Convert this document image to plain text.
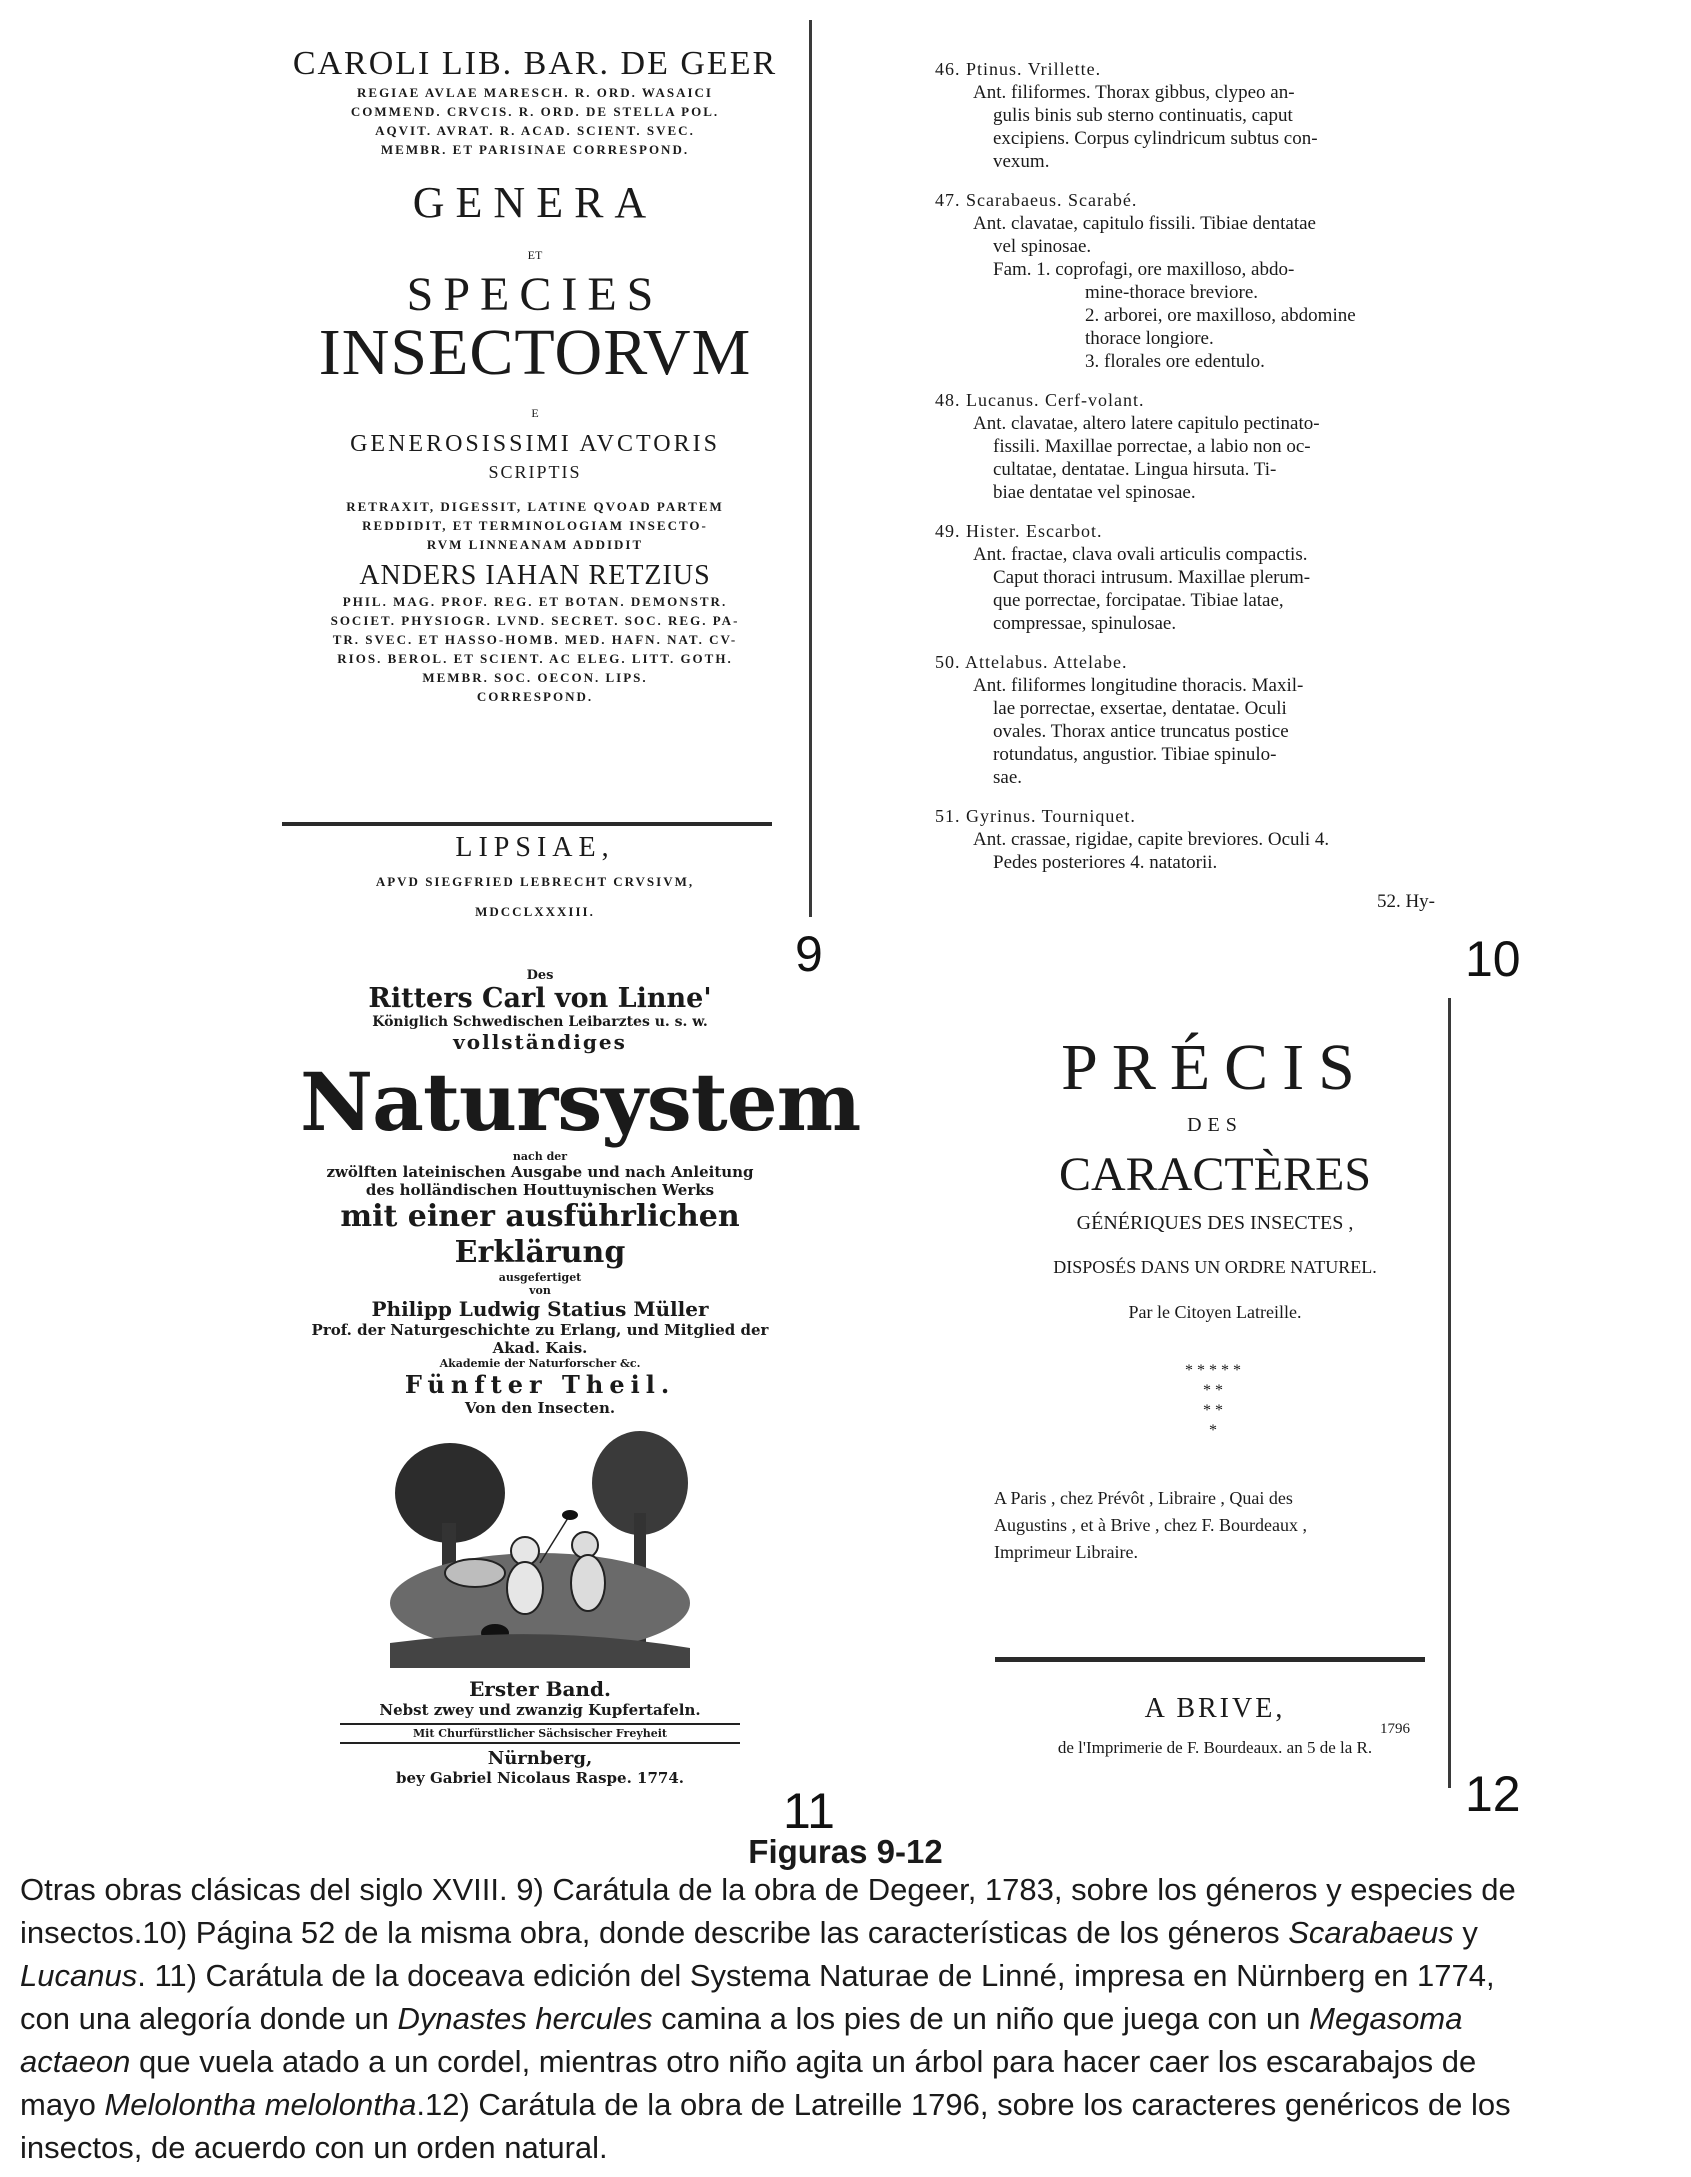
CAROLI LIB. BAR. DE GEER
REGIAE AVLAE MARESCH. R. ORD. WASAICI
COMMEND. CRVCIS. R. ORD. DE STELLA POL.
AQVIT. AVRAT. R. ACAD. SCIENT. SVEC.
MEMBR. ET PARISINAE CORRESPOND.
GENERA
ET
SPECIES
INSECTORVM
E
GENEROSISSIMI AVCTORIS
SCRIPTIS
RETRAXIT, DIGESSIT, LATINE QVOAD PARTEM
REDDIDIT, ET TERMINOLOGIAM INSECTO-
RVM LINNEANAM ADDIDIT
ANDERS IAHAN RETZIUS
PHIL. MAG. PROF. REG. ET BOTAN. DEMONSTR.
SOCIET. PHYSIOGR. LVND. SECRET. SOC. REG. PA-
TR. SVEC. ET HASSO-HOMB. MED. HAFN. NAT. CV-
RIOS. BEROL. ET SCIENT. AC ELEG. LITT. GOTH.
MEMBR. SOC. OECON. LIPS.
CORRESPOND.
LIPSIAE,
APVD SIEGFRIED LEBRECHT CRVSIVM,
MDCCLXXXIII.
9
46. Ptinus. Vrillette.
Ant. filiformes. Thorax gibbus, clypeo an-
gulis binis sub sterno continuatis, caput
excipiens. Corpus cylindricum subtus con-
vexum.
47. Scarabaeus. Scarabé.
Ant. clavatae, capitulo fissili. Tibiae dentatae
vel spinosae.
Fam. 1. coprofagi, ore maxilloso, abdo-
mine-thorace breviore.
2. arborei, ore maxilloso, abdomine
thorace longiore.
3. florales ore edentulo.
48. Lucanus. Cerf-volant.
Ant. clavatae, altero latere capitulo pectinato-
fissili. Maxillae porrectae, a labio non oc-
cultatae, dentatae. Lingua hirsuta. Ti-
biae dentatae vel spinosae.
49. Hister. Escarbot.
Ant. fractae, clava ovali articulis compactis.
Caput thoraci intrusum. Maxillae plerum-
que porrectae, forcipatae. Tibiae latae,
compressae, spinulosae.
50. Attelabus. Attelabe.
Ant. filiformes longitudine thoracis. Maxil-
lae porrectae, exsertae, dentatae. Oculi
ovales. Thorax antice truncatus postice
rotundatus, angustior. Tibiae spinulo-
sae.
51. Gyrinus. Tourniquet.
Ant. crassae, rigidae, capite breviores. Oculi 4.
Pedes posteriores 4. natatorii.
52. Hy-
10
Des
Ritters Carl von Linne'
Königlich Schwedischen Leibarztes u. s. w.
vollständiges
Natursystem
nach der
zwölften lateinischen Ausgabe und nach Anleitung
des holländischen Houttuynischen Werks
mit einer ausführlichen Erklärung
ausgefertiget
von
Philipp Ludwig Statius Müller
Prof. der Naturgeschichte zu Erlang, und Mitglied der Akad. Kais.
Akademie der Naturforscher &c.
Fünfter Theil.
Von den Insecten.
Erster Band.
Nebst zwey und zwanzig Kupfertafeln.
Mit Churfürstlicher Sächsischer Freyheit
Nürnberg,
bey Gabriel Nicolaus Raspe. 1774.
11
PRÉCIS
DES
CARACTÈRES
GÉNÉRIQUES DES INSECTES ,
DISPOSÉS DANS UN ORDRE NATUREL.
Par le Citoyen Latreille.
*****
**
**
*
A Paris , chez Prévôt , Libraire , Quai des
Augustins , et à Brive , chez F. Bourdeaux ,
Imprimeur Libraire.
A BRIVE,
1796
de l'Imprimerie de F. Bourdeaux. an 5 de la R.
12
Figuras 9-12
Otras obras clásicas del siglo XVIII. 9) Carátula de la obra de Degeer, 1783, sobre los géneros y especies de
insectos.10) Página 52 de la misma obra, donde describe las características de los géneros Scarabaeus y
Lucanus. 11) Carátula de la doceava edición del Systema Naturae de Linné, impresa en Nürnberg en 1774,
con una alegoría donde un Dynastes hercules camina a los pies de un niño que juega con un Megasoma
actaeon que vuela atado a un cordel, mientras otro niño agita un árbol para hacer caer los escarabajos de
mayo Melolontha melolontha.12) Carátula de la obra de Latreille 1796, sobre los caracteres genéricos de los
insectos, de acuerdo con un orden natural.
